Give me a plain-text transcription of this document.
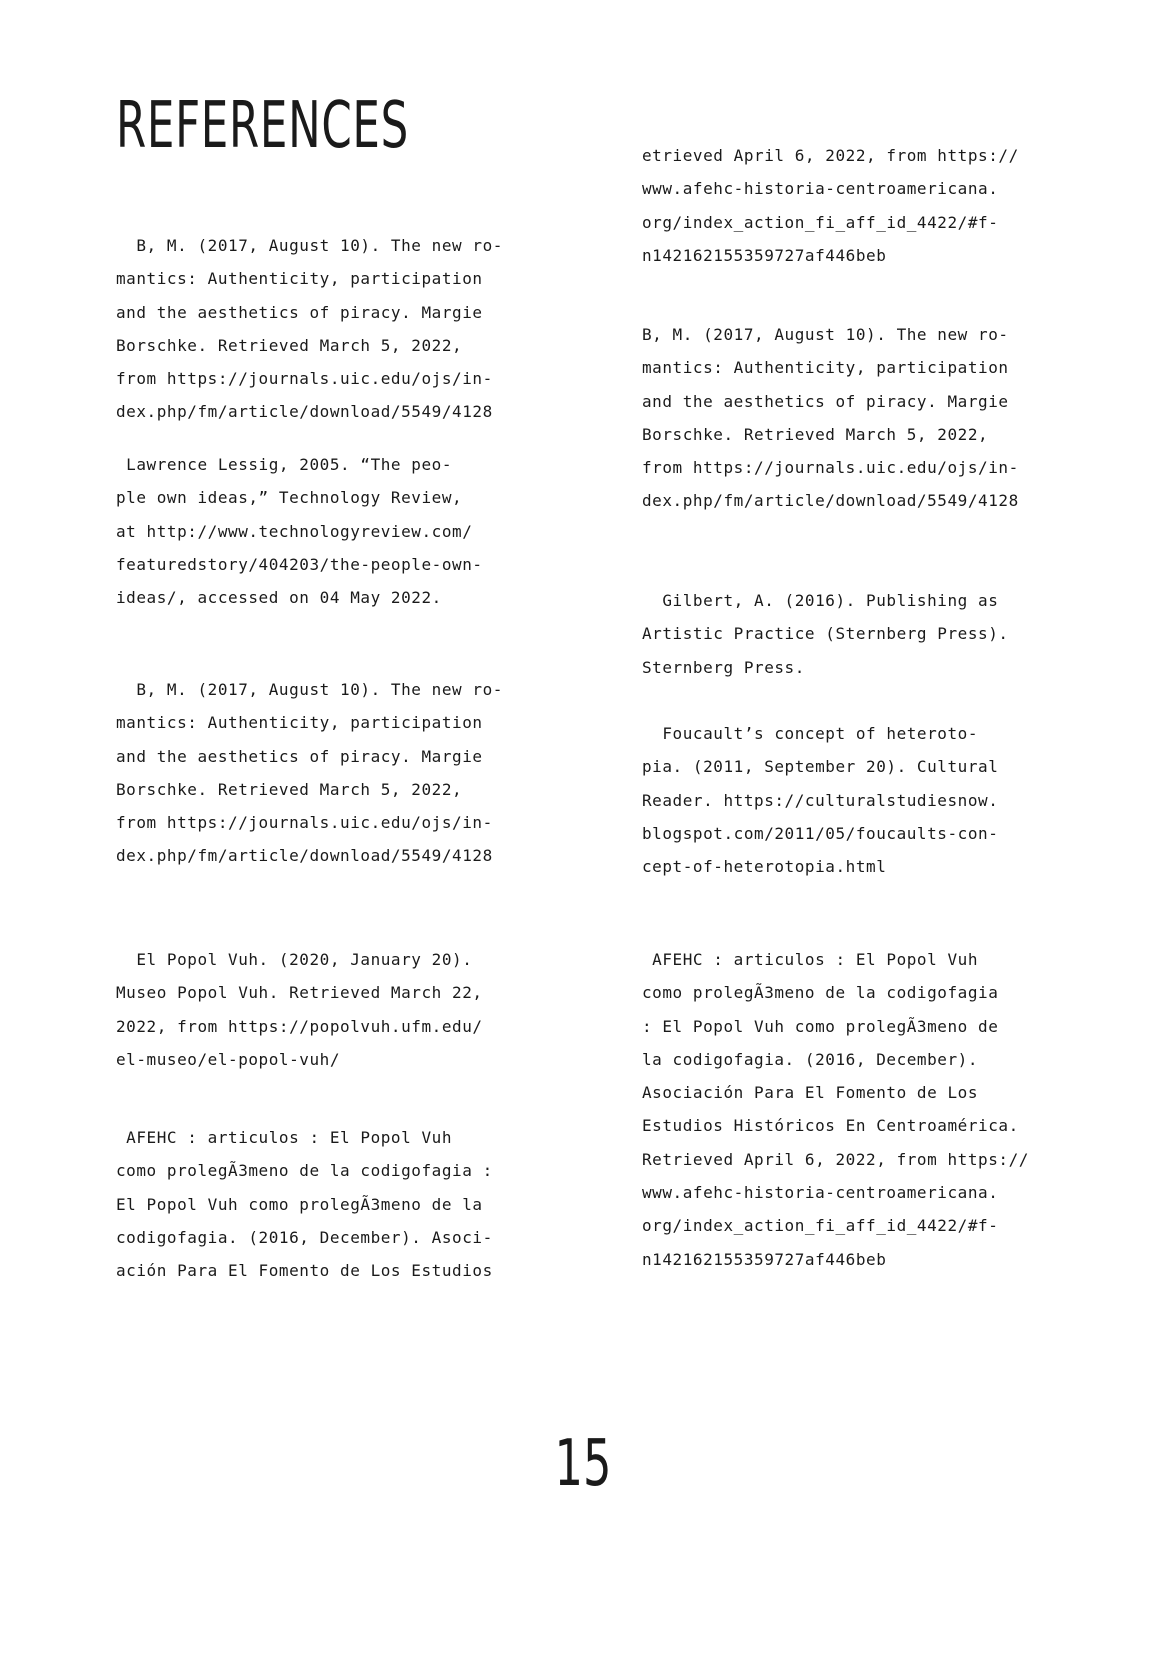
REFERENCES

B, M. (2017, August 10). The new ro-
mantics: Authenticity, participation
and the aesthetics of piracy. Margie
Borschke. Retrieved March 5, 2022,
from https://journals.uic.edu/ojs/in-
dex.php/fm/article/download/5549/4128

Lawrence Lessig, 2005. “The peo-
ple own ideas,” Technology Review,
at http://www.technologyreview.com/
featuredstory/404203/the-people-own-
ideas/, accessed on 04 May 2022.

B, M. (2017, August 10). The new ro-
mantics: Authenticity, participation
and the aesthetics of piracy. Margie
Borschke. Retrieved March 5, 2022,
from https://journals.uic.edu/ojs/in-
dex.php/fm/article/download/5549/4128

El Popol Vuh. (2020, January 20).
Museo Popol Vuh. Retrieved March 22,
2022, from https://popolvuh.ufm.edu/
el-museo/el-popol-vuh/

AFEHC : articulos : El Popol Vuh
como prolegÃ3meno de la codigofagia :
El Popol Vuh como prolegÃ3meno de la
codigofagia. (2016, December). Asoci-
ación Para El Fomento de Los Estudios

etrieved April 6, 2022, from https://
www.afehc-historia-centroamericana.
org/index_action_fi_aff_id_4422/#f-
n142162155359727af446beb

B, M. (2017, August 10). The new ro-
mantics: Authenticity, participation
and the aesthetics of piracy. Margie
Borschke. Retrieved March 5, 2022,
from https://journals.uic.edu/ojs/in-
dex.php/fm/article/download/5549/4128

Gilbert, A. (2016). Publishing as
Artistic Practice (Sternberg Press).
Sternberg Press.

Foucault’s concept of heteroto-
pia. (2011, September 20). Cultural
Reader. https://culturalstudiesnow.
blogspot.com/2011/05/foucaults-con-
cept-of-heterotopia.html

AFEHC : articulos : El Popol Vuh
como prolegÃ3meno de la codigofagia
: El Popol Vuh como prolegÃ3meno de
la codigofagia. (2016, December).
Asociación Para El Fomento de Los
Estudios Históricos En Centroamérica.
Retrieved April 6, 2022, from https://
www.afehc-historia-centroamericana.
org/index_action_fi_aff_id_4422/#f-
n142162155359727af446beb

15
